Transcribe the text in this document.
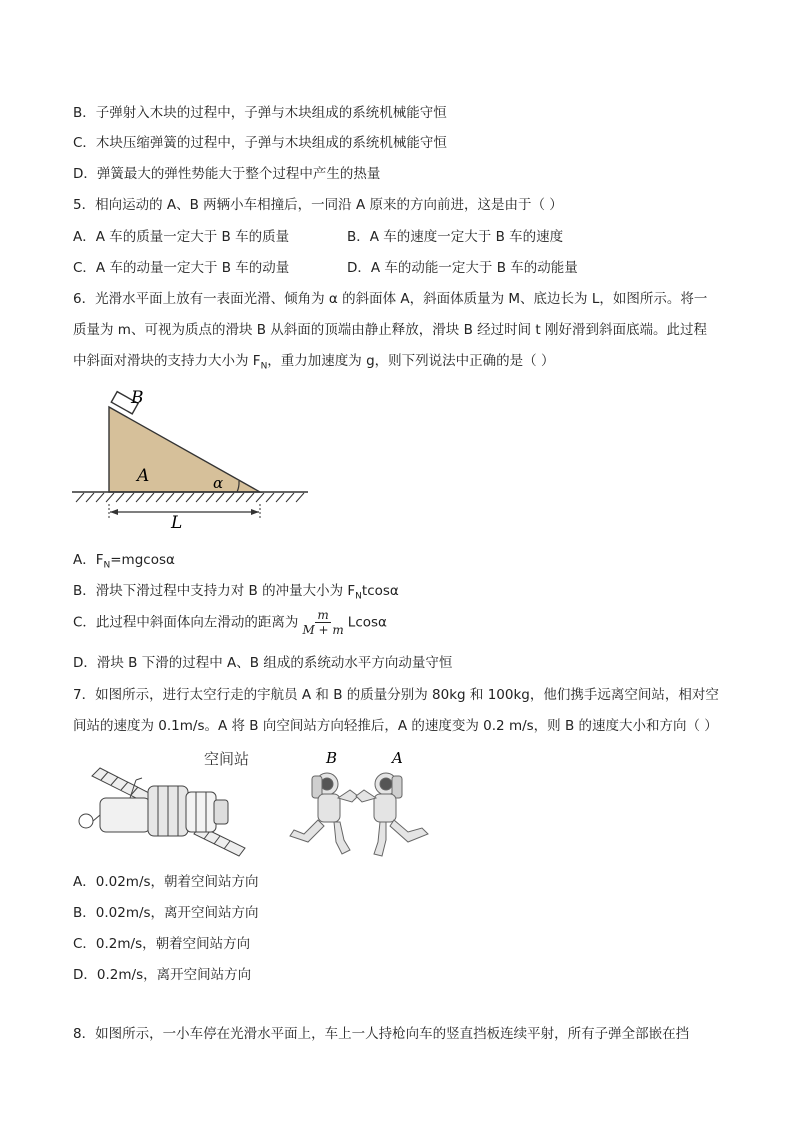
B．子弹射入木块的过程中，子弹与木块组成的系统机械能守恒
C．木块压缩弹簧的过程中，子弹与木块组成的系统机械能守恒
D．弹簧最大的弹性势能大于整个过程中产生的热量
5．相向运动的 A、B 两辆小车相撞后，一同沿 A 原来的方向前进，这是由于（ ）
A．A 车的质量一定大于 B 车的质量	B．A 车的速度一定大于 B 车的速度
C．A 车的动量一定大于 B 车的动量	D．A 车的动能一定大于 B 车的动能量
6．光滑水平面上放有一表面光滑、倾角为 α 的斜面体 A，斜面体质量为 M、底边长为 L，如图所示。将一
质量为 m、可视为质点的滑块 B 从斜面的顶端由静止释放，滑块 B 经过时间 t 刚好滑到斜面底端。此过程
中斜面对滑块的支持力大小为 $F_N$，重力加速度为 g，则下列说法中正确的是（ ）
B
A	α
L
A．$F_N=mgcos\alpha$
B．滑块下滑过程中支持力对 B 的冲量大小为 $F_Ntcos\alpha$
C．此过程中斜面体向左滑动的距离为 $\frac{m}{M + m}$ Lcosα
D．滑块 B 下滑的过程中 A、B 组成的系统动水平方向动量守恒
7．如图所示，进行太空行走的宇航员 A 和 B 的质量分别为 80kg 和 100kg，他们携手远离空间站，相对空
间站的速度为 0.1m/s。A 将 B 向空间站方向轻推后，A 的速度变为 0.2 m/s，则 B 的速度大小和方向（ ）
空间站	B	A
A．0.02m/s，朝着空间站方向
B．0.02m/s，离开空间站方向
C．0.2m/s，朝着空间站方向
D．0.2m/s，离开空间站方向
8．如图所示，一小车停在光滑水平面上，车上一人持枪向车的竖直挡板连续平射，所有子弹全部嵌在挡
